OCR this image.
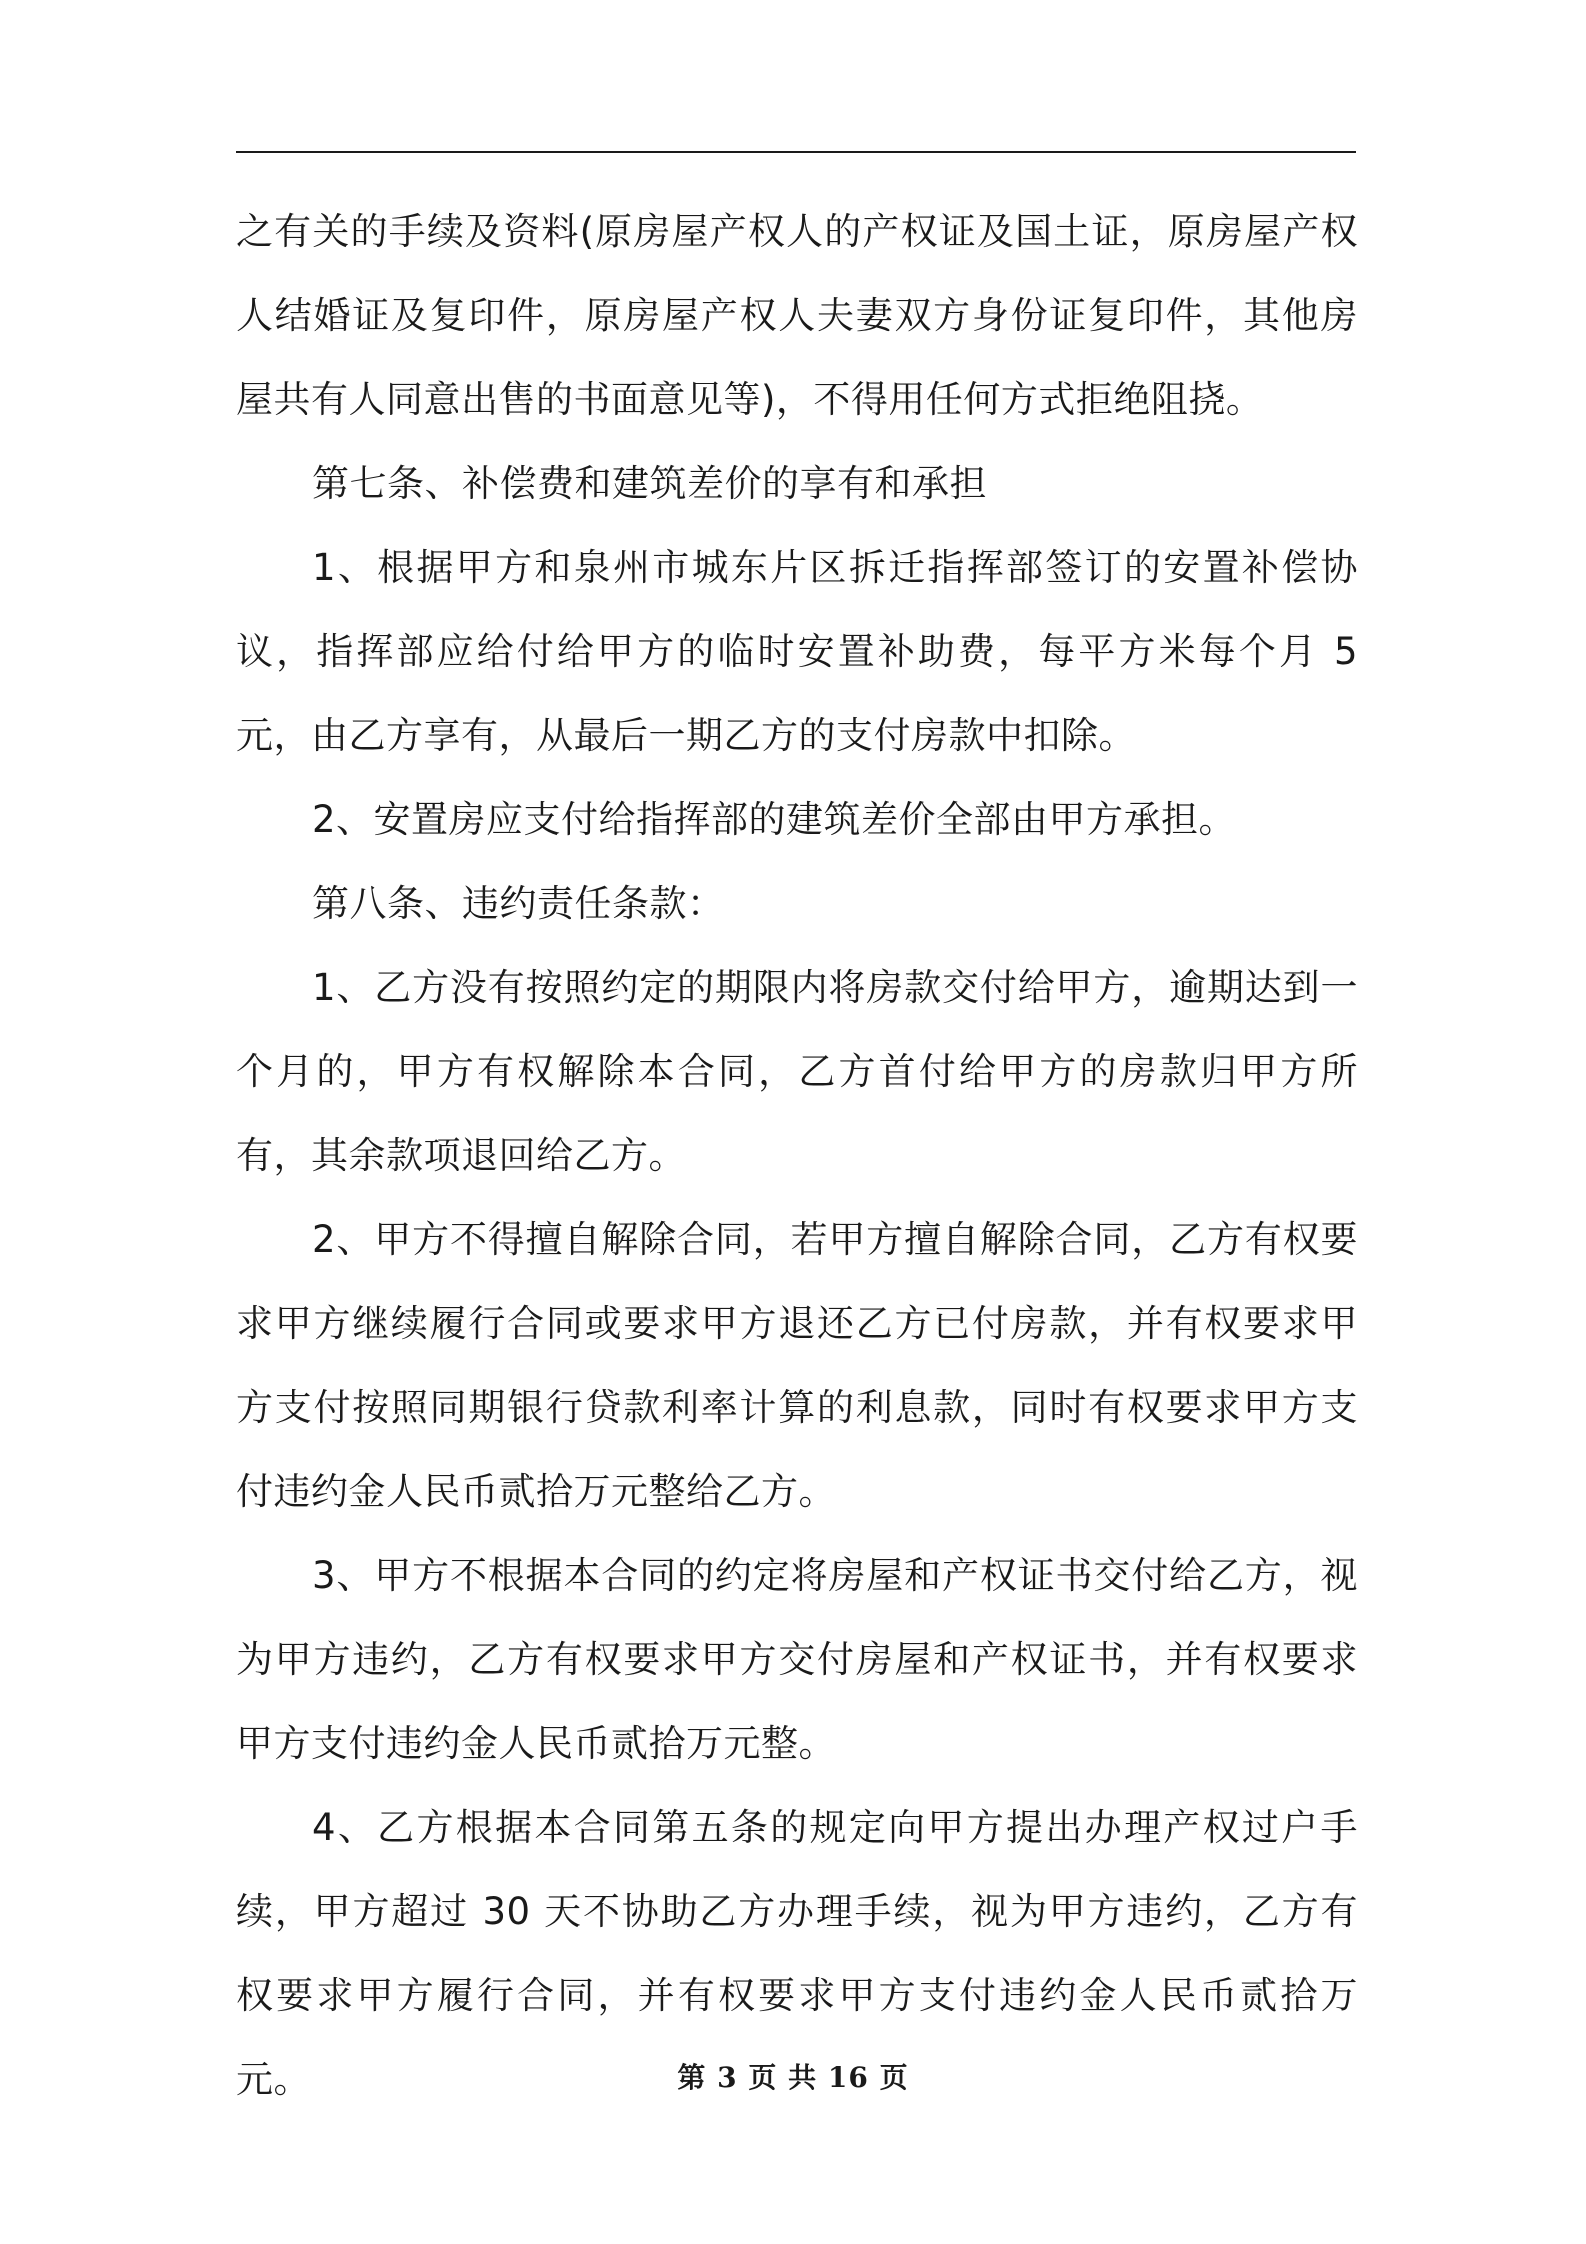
之有关的手续及资料(原房屋产权人的产权证及国土证，原房屋产权人结婚证及复印件，原房屋产权人夫妻双方身份证复印件，其他房屋共有人同意出售的书面意见等)，不得用任何方式拒绝阻挠。

第七条、补偿费和建筑差价的享有和承担

1、根据甲方和泉州市城东片区拆迁指挥部签订的安置补偿协议，指挥部应给付给甲方的临时安置补助费，每平方米每个月 5 元，由乙方享有，从最后一期乙方的支付房款中扣除。

2、安置房应支付给指挥部的建筑差价全部由甲方承担。

第八条、违约责任条款：

1、乙方没有按照约定的期限内将房款交付给甲方，逾期达到一个月的，甲方有权解除本合同，乙方首付给甲方的房款归甲方所有，其余款项退回给乙方。

2、甲方不得擅自解除合同，若甲方擅自解除合同，乙方有权要求甲方继续履行合同或要求甲方退还乙方已付房款，并有权要求甲方支付按照同期银行贷款利率计算的利息款，同时有权要求甲方支付违约金人民币贰拾万元整给乙方。

3、甲方不根据本合同的约定将房屋和产权证书交付给乙方，视为甲方违约，乙方有权要求甲方交付房屋和产权证书，并有权要求甲方支付违约金人民币贰拾万元整。

4、乙方根据本合同第五条的规定向甲方提出办理产权过户手续，甲方超过 30 天不协助乙方办理手续，视为甲方违约，乙方有权要求甲方履行合同，并有权要求甲方支付违约金人民币贰拾万元。	第 3 页 共 16 页
